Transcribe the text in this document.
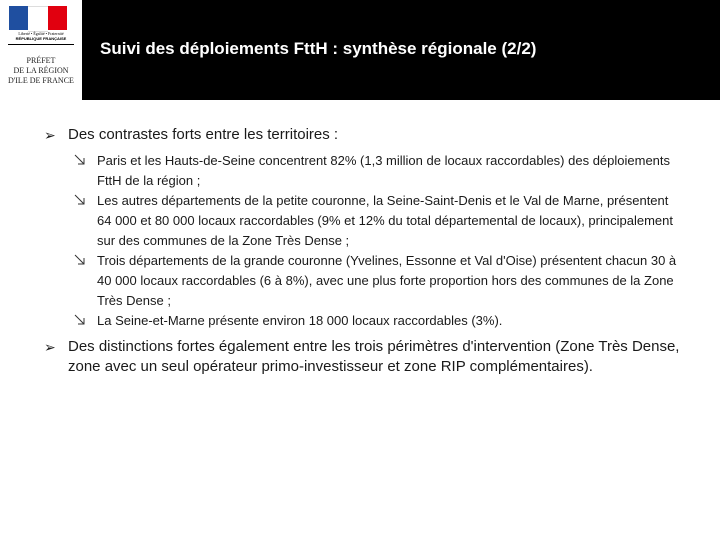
Liberté • Égalité • Fraternité
RÉPUBLIQUE FRANÇAISE
PRÉFET
DE LA RÉGION
D'ILE DE FRANCE
Suivi des déploiements FttH : synthèse régionale (2/2)
➢ Des contrastes forts entre les territoires :
Paris et les Hauts-de-Seine concentrent 82% (1,3 million de locaux raccordables) des déploiements FttH de la région ;
Les autres départements de la petite couronne, la Seine-Saint-Denis et le Val de Marne, présentent 64 000 et 80 000 locaux raccordables (9% et 12% du total départemental de locaux), principalement sur des communes de la Zone Très Dense ;
Trois départements de la grande couronne (Yvelines, Essonne et Val d'Oise) présentent chacun 30 à 40 000 locaux raccordables (6 à 8%), avec une plus forte proportion hors des communes de la Zone Très Dense ;
La Seine-et-Marne présente environ 18 000 locaux raccordables (3%).
➢ Des distinctions fortes également entre les trois périmètres d'intervention (Zone Très Dense, zone avec un seul opérateur primo-investisseur et zone RIP complémentaires).
